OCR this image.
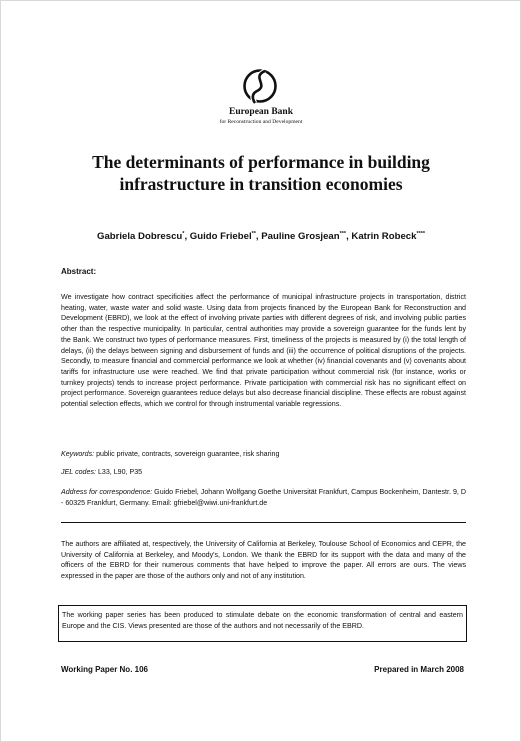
European Bank
for Reconstruction and Development
The determinants of performance in building infrastructure in transition economies
Gabriela Dobrescu*, Guido Friebel**, Pauline Grosjean***, Katrin Robeck****
Abstract:

We investigate how contract specificities affect the performance of municipal infrastructure projects in transportation, district heating, water, waste water and solid waste. Using data from projects financed by the European Bank for Reconstruction and Development (EBRD), we look at the effect of involving private parties with different degrees of risk, and involving public parties other than the respective municipality. In particular, central authorities may provide a sovereign guarantee for the funds lent by the Bank. We construct two types of performance measures. First, timeliness of the projects is measured by (i) the total length of delays, (ii) the delays between signing and disbursement of funds and (iii) the occurrence of political disruptions of the projects. Secondly, to measure financial and commercial performance we look at whether (iv) financial covenants and (v) covenants about tariffs for infrastructure use were reached. We find that private participation without commercial risk (for instance, works or turnkey projects) tends to increase project performance. Private participation with commercial risk has no significant effect on project performance. Sovereign guarantees reduce delays but also decrease financial discipline. These effects are robust against potential selection effects, which we control for through instrumental variable regressions.

Keywords: public private, contracts, sovereign guarantee, risk sharing
JEL codes: L33, L90, P35
Address for correspondence: Guido Friebel, Johann Wolfgang Goethe Universität Frankfurt, Campus Bockenheim, Dantestr. 9, D - 60325 Frankfurt, Germany. Email: gfriebel@wiwi.uni-frankfurt.de

The authors are affiliated at, respectively, the University of California at Berkeley, Toulouse School of Economics and CEPR, the University of California at Berkeley, and Moody's, London. We thank the EBRD for its support with the data and many of the officers of the EBRD for their numerous comments that have helped to improve the paper. All errors are ours. The views expressed in the paper are those of the authors only and not of any institution.

The working paper series has been produced to stimulate debate on the economic transformation of central and eastern Europe and the CIS. Views presented are those of the authors and not necessarily of the EBRD.
Working Paper No. 106	Prepared in March 2008
